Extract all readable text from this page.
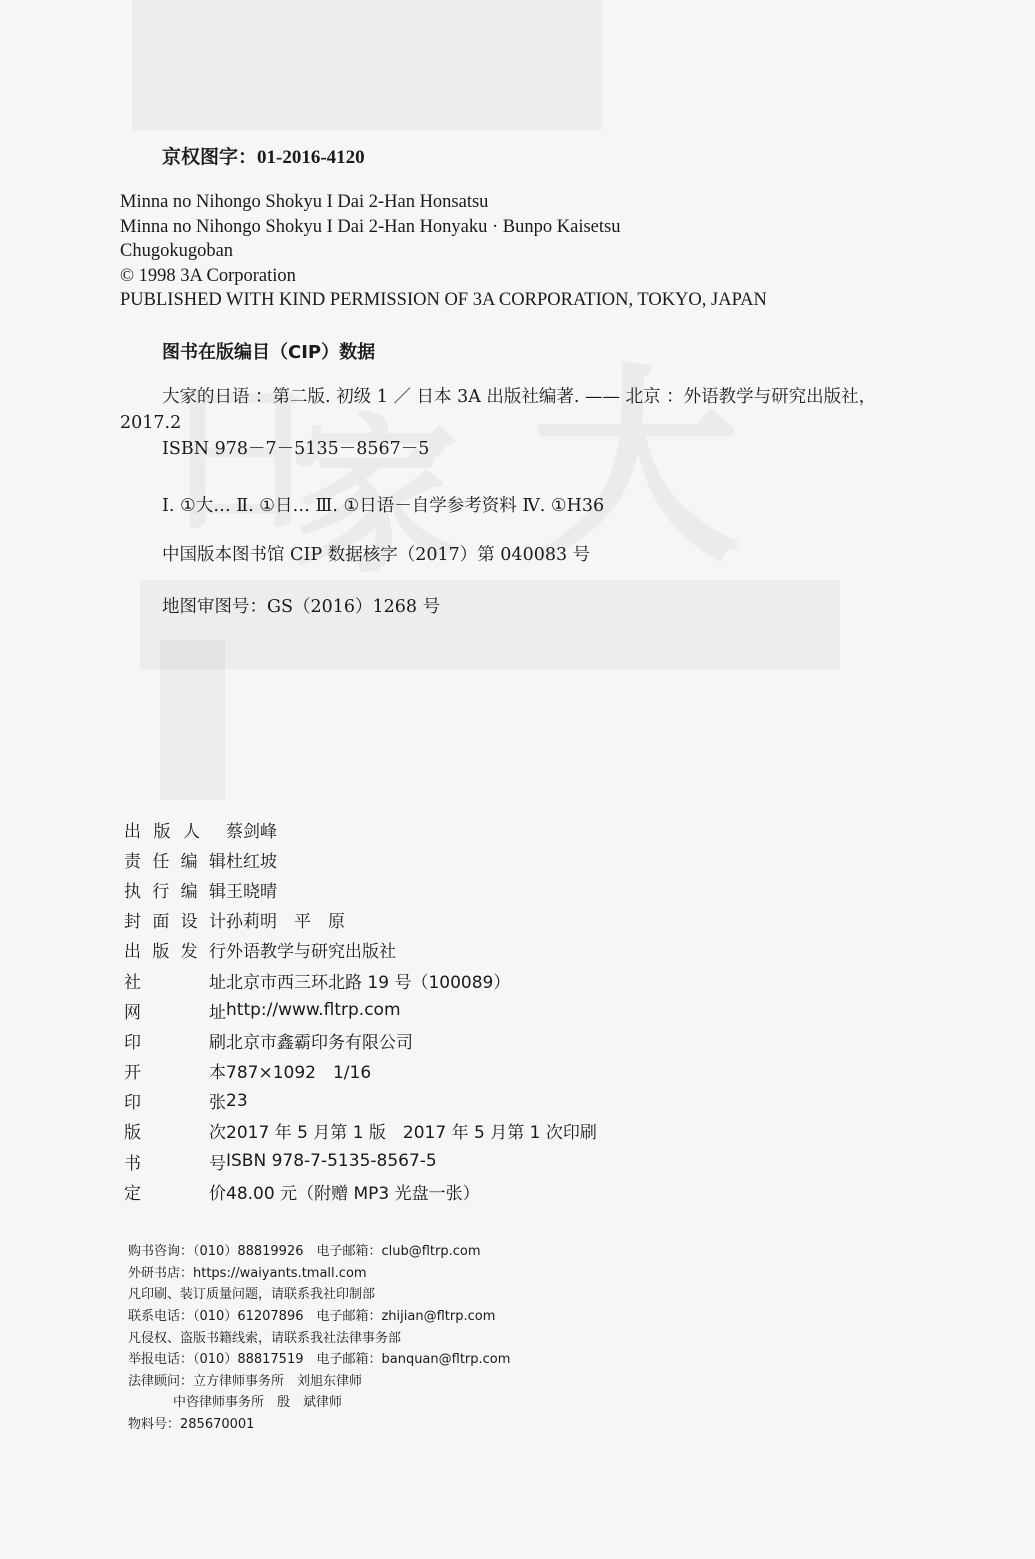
京权图字：01-2016-4120
Minna no Nihongo Shokyu I Dai 2-Han Honsatsu
Minna no Nihongo Shokyu I Dai 2-Han Honyaku · Bunpo Kaisetsu
Chugokugoban
© 1998 3A Corporation
PUBLISHED WITH KIND PERMISSION OF 3A CORPORATION, TOKYO, JAPAN
图书在版编目（CIP）数据
大家的日语 ：第二版. 初级 1 ／ 日本 3A 出版社编著. —— 北京 ：外语教学与研究出版社，
2017.2
ISBN 978－7－5135－8567－5
Ⅰ. ①大… Ⅱ. ①日… Ⅲ. ①日语－自学参考资料 Ⅳ. ①H36
中国版本图书馆 CIP 数据核字（2017）第 040083 号
地图审图号：GS（2016）1268 号
出版人 蔡剑峰
责任编辑 杜红坡
执行编辑 王晓晴
封面设计 孙莉明　平　原
出版发行 外语教学与研究出版社
社址 北京市西三环北路 19 号（100089）
网址 http://www.fltrp.com
印刷 北京市鑫霸印务有限公司
开本 787×1092　1/16
印张 23
版次 2017 年 5 月第 1 版　2017 年 5 月第 1 次印刷
书号 ISBN 978-7-5135-8567-5
定价 48.00 元（附赠 MP3 光盘一张）
购书咨询：（010）88819926　电子邮箱：club@fltrp.com
外研书店：https://waiyants.tmall.com
凡印刷、装订质量问题，请联系我社印制部
联系电话：（010）61207896　电子邮箱：zhijian@fltrp.com
凡侵权、盗版书籍线索，请联系我社法律事务部
举报电话：（010）88817519　电子邮箱：banquan@fltrp.com
法律顾问：立方律师事务所　刘旭东律师
中咨律师事务所　殷　斌律师
物料号：285670001
